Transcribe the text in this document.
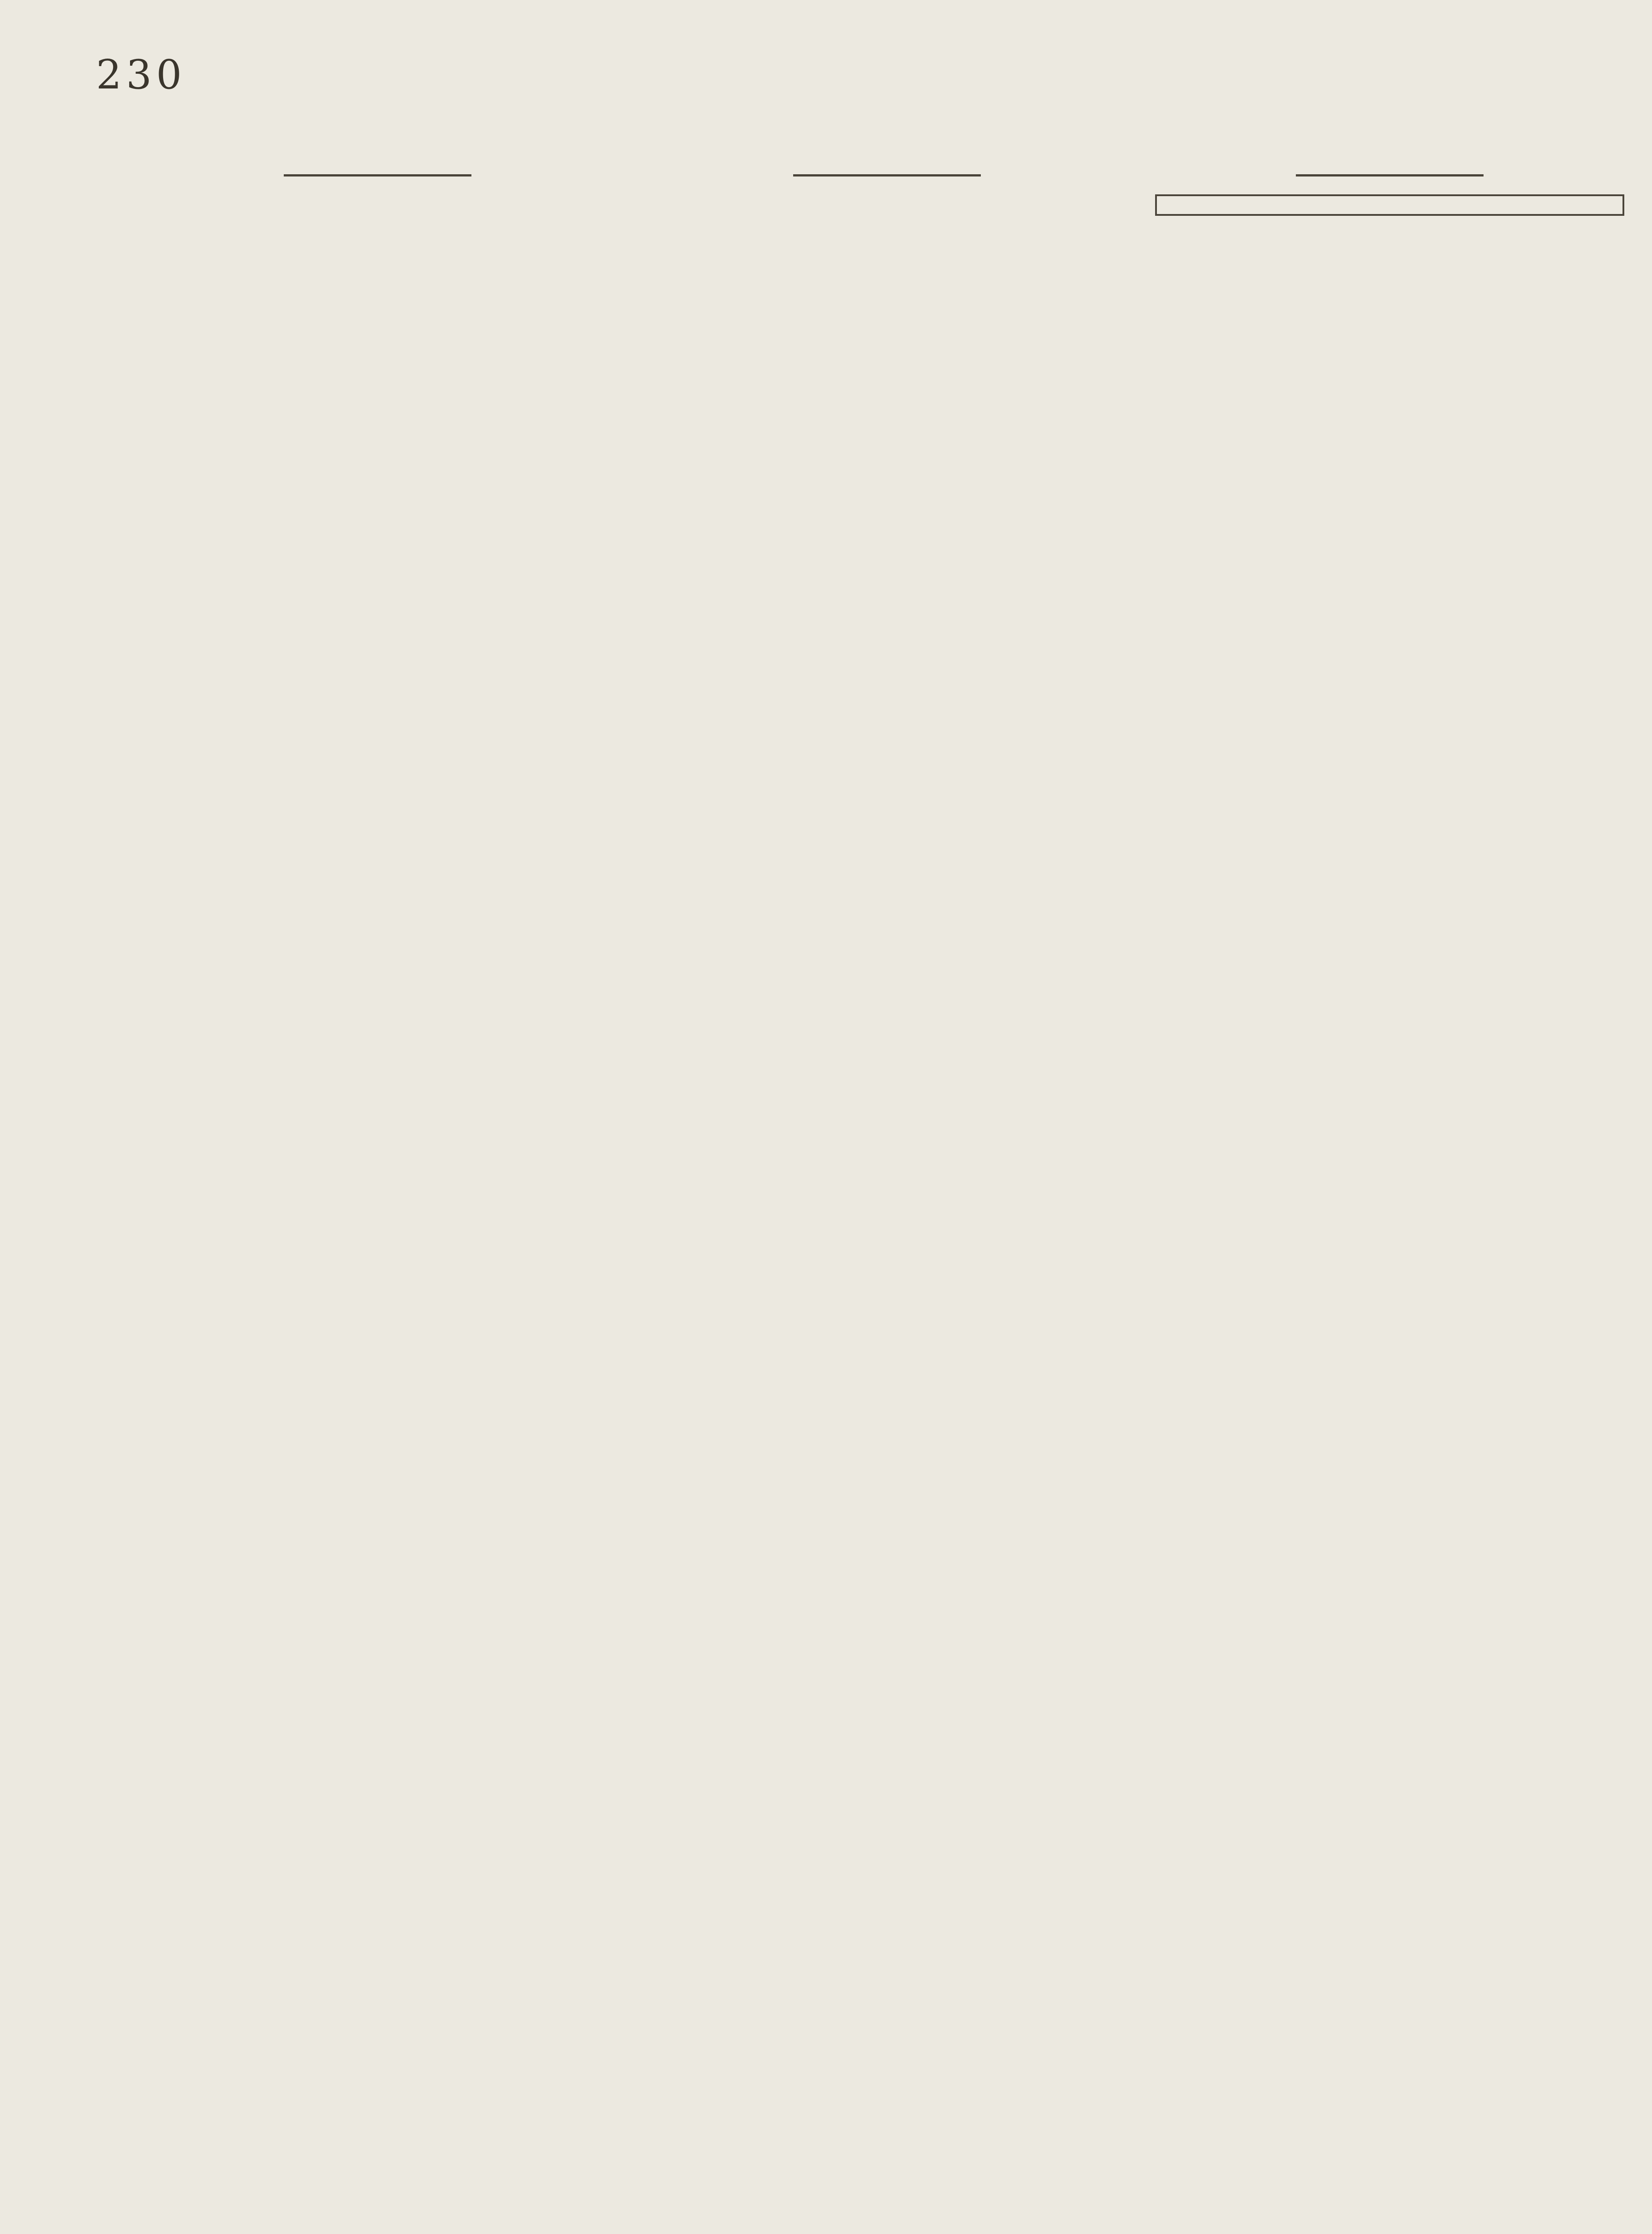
230
